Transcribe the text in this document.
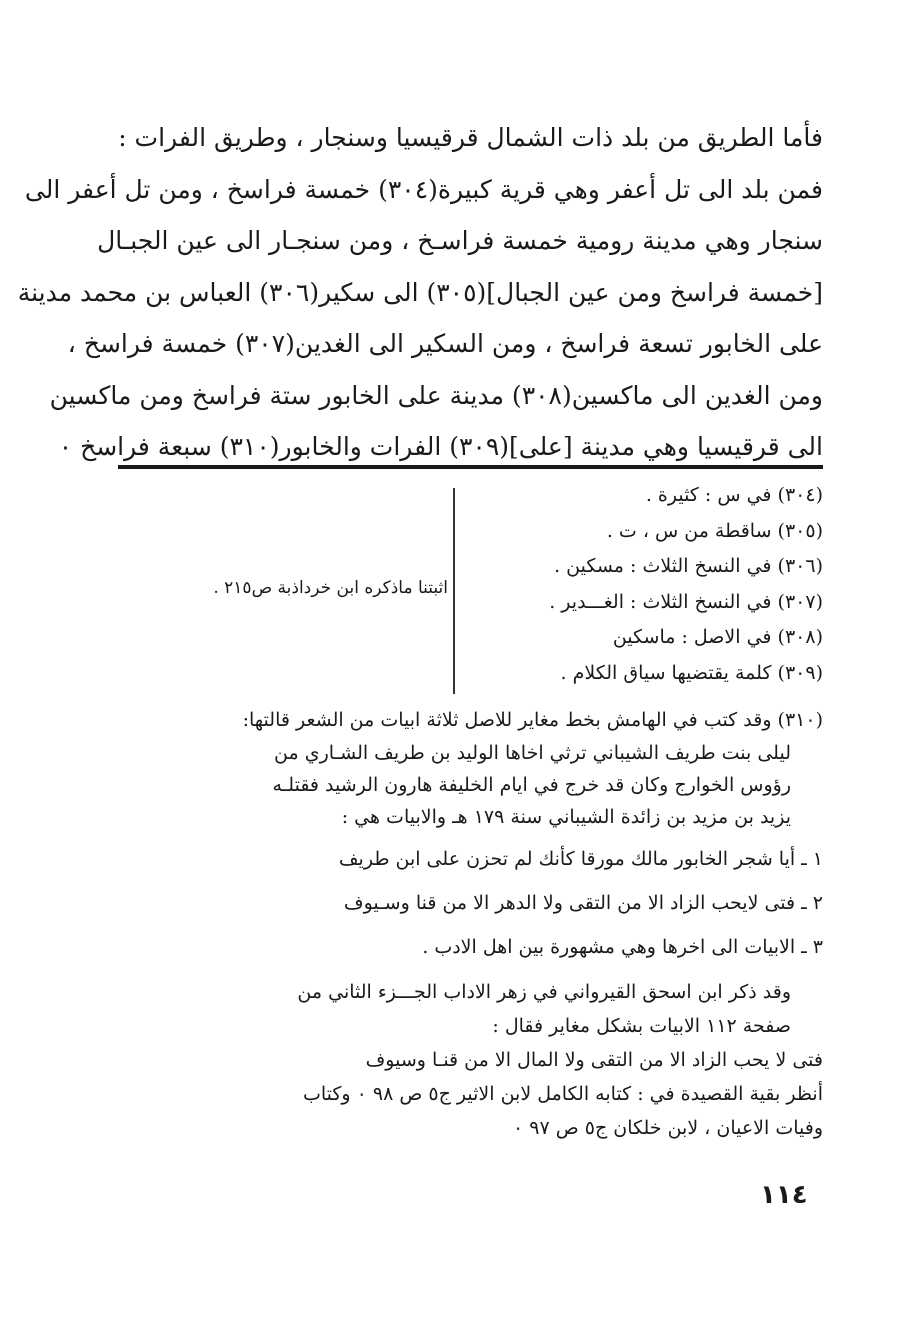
فأما الطريق من بلد ذات الشمال قرقيسيا وسنجار ، وطريق الفرات :
فمن بلد الى تل أعفر وهي قرية كبيرة(٣٠٤) خمسة فراسخ ، ومن تل أعفر الى
سنجار وهي مدينة رومية خمسة فراسـخ ، ومن سنجـار الى عين الجبـال
[خمسة فراسخ ومن عين الجبال](٣٠٥) الى سكير(٣٠٦) العباس بن محمد مدينة
على الخابور تسعة فراسخ ، ومن السكير الى الغدين(٣٠٧) خمسة فراسخ ،
ومن الغدين الى ماكسين(٣٠٨) مدينة على الخابور ستة فراسخ ومن ماكسين
الى قرقيسيا وهي مدينة [على](٣٠٩) الفرات والخابور(٣١٠) سبعة فراسخ ٠
(٣٠٤) في س : كثيرة .
(٣٠٥) ساقطة من س ، ت .
(٣٠٦) في النسخ الثلاث : مسكين .
(٣٠٧) في النسخ الثلاث : الغـــدير .
(٣٠٨) في الاصل : ماسكين
(٣٠٩) كلمة يقتضيها سياق الكلام .
اثبتنا ماذكره ابن خرداذبة ص٢١٥ .
(٣١٠) وقد كتب في الهامش بخط مغاير للاصل ثلاثة ابيات من الشعر قالتها:
ليلى بنت طريف الشيباني ترثي اخاها الوليد بن طريف الشـاري من
رؤوس الخوارج وكان قد خرج في ايام الخليفة هارون الرشيد فقتلـه
يزيد بن مزيد بن زائدة الشيباني سنة ١٧٩ هـ والابيات هي :
١ ـ أيا شجر الخابور مالك مورقا كأنك لم تحزن على ابن طريف
٢ ـ فتى لايحب الزاد الا من التقى ولا الدهر الا من قنا وسـيوف
٣ ـ الابيات الى اخرها وهي مشهورة بين اهل الادب .
وقد ذكر ابن اسحق القيرواني في زهر الاداب الجـــزء الثاني من
صفحة ١١٢ الابيات بشكل مغاير فقال :
فتى لا يحب الزاد الا من التقى ولا المال الا من قنـا وسيوف
أنظر بقية القصيدة في : كتابه الكامل لابن الاثير ج٥ ص ٩٨ ٠ وكتاب
وفيات الاعيان ، لابن خلكان ج٥ ص ٩٧ ٠
١١٤
